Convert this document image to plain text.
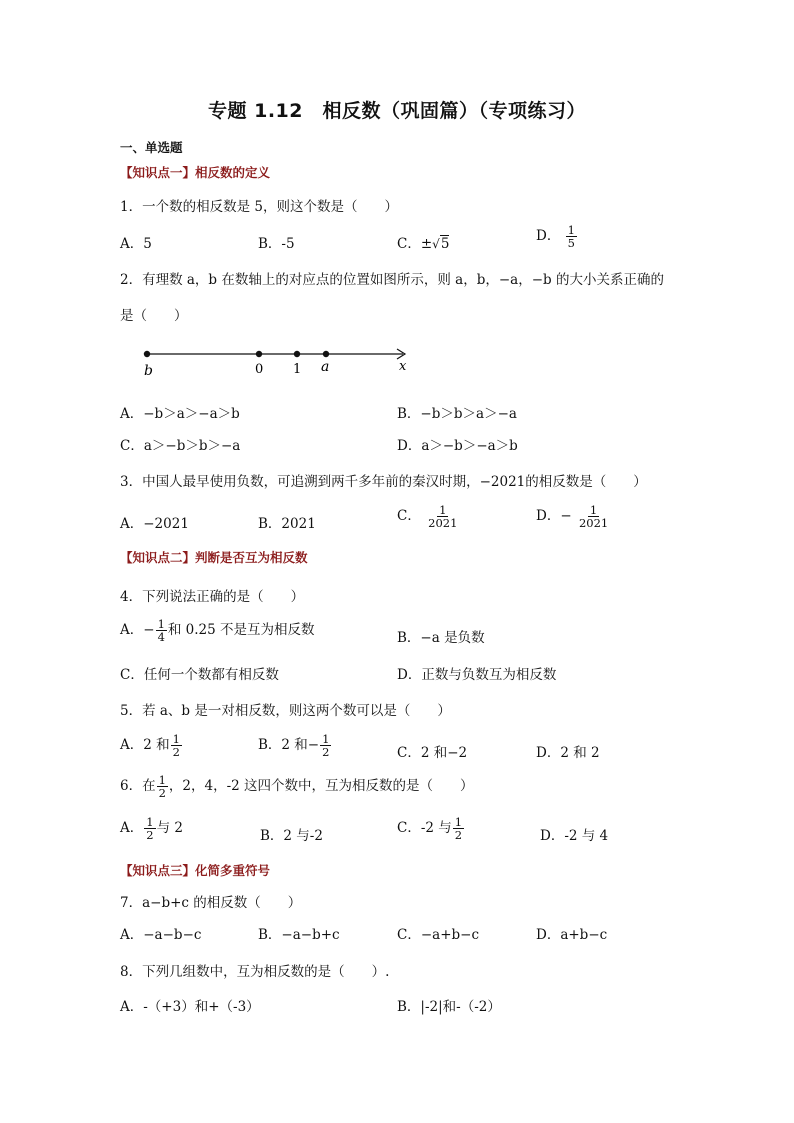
专题 1.12　相反数（巩固篇）（专项练习）
一、单选题
【知识点一】相反数的定义
1．一个数的相反数是 5，则这个数是（　　）
A．5	B．-5	C．±√5	D． $\frac{1}{5}$
2．有理数 a，b 在数轴上的对应点的位置如图所示，则 a，b，−a，−b 的大小关系正确的
是（　　）
b	0 1 a	x
A．−b＞a＞−a＞b	B．−b＞b＞a＞−a
C．a＞−b＞b＞−a	D．a＞−b＞−a＞b
3．中国人最早使用负数，可追溯到两千多年前的秦汉时期，−2021的相反数是（　　）
A．−2021	B．2021	C． $\frac{1}{2021}$	D．− $\frac{1}{2021}$
【知识点二】判断是否互为相反数
4．下列说法正确的是（　　）
A．− $\frac{1}{4}$ 和 0.25 不是互为相反数	B．−a 是负数
C．任何一个数都有相反数	D．正数与负数互为相反数
5．若 a、b 是一对相反数，则这两个数可以是（　　）
A．2 和 $\frac{1}{2}$	B．2 和− $\frac{1}{2}$	C．2 和−2	D．2 和 2
6．在 $\frac{1}{2}$ ，2，4，-2 这四个数中，互为相反数的是（　　）
A． $\frac{1}{2}$ 与 2	B．2 与-2	C．-2 与 $\frac{1}{2}$	D．-2 与 4
【知识点三】化简多重符号
7．a−b+c 的相反数（　　）
A．−a−b−c	B．−a−b+c	C．−a+b−c	D．a+b−c
8．下列几组数中，互为相反数的是（　　）.
A．-（+3）和+（-3）	B．|-2|和-（-2）
